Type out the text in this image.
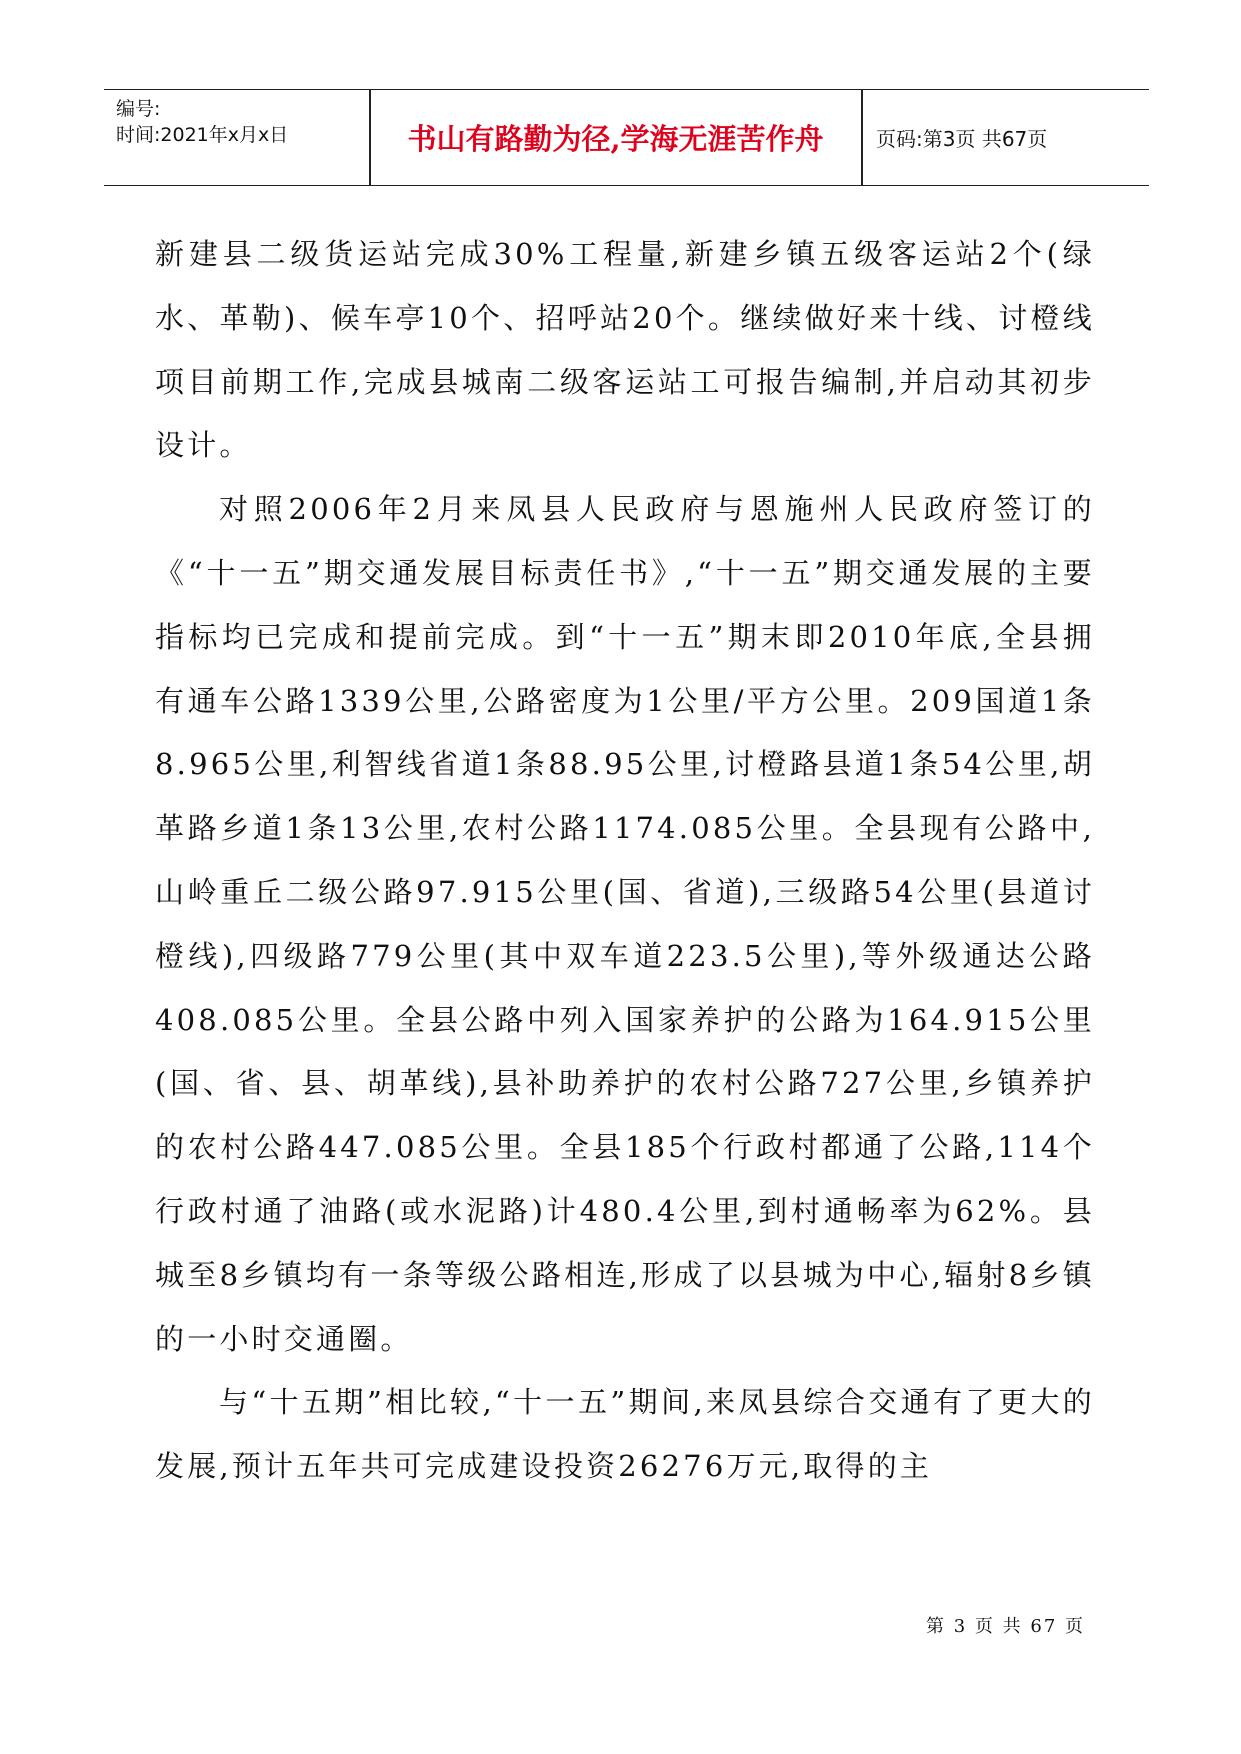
编号:
时间:2021年x月x日	书山有路勤为径,学海无涯苦作舟	页码:第3页 共67页

新建县二级货运站完成30%工程量,新建乡镇五级客运站2个(绿水、革勒)、候车亭10个、招呼站20个。继续做好来十线、讨橙线项目前期工作,完成县城南二级客运站工可报告编制,并启动其初步设计。

对照2006年2月来凤县人民政府与恩施州人民政府签订的《“十一五”期交通发展目标责任书》,“十一五”期交通发展的主要指标均已完成和提前完成。到“十一五”期末即2010年底,全县拥有通车公路1339公里,公路密度为1公里/平方公里。209国道1条8.965公里,利智线省道1条88.95公里,讨橙路县道1条54公里,胡革路乡道1条13公里,农村公路1174.085公里。全县现有公路中,山岭重丘二级公路97.915公里(国、省道),三级路54公里(县道讨橙线),四级路779公里(其中双车道223.5公里),等外级通达公路408.085公里。全县公路中列入国家养护的公路为164.915公里(国、省、县、胡革线),县补助养护的农村公路727公里,乡镇养护的农村公路447.085公里。全县185个行政村都通了公路,114个行政村通了油路(或水泥路)计480.4公里,到村通畅率为62%。县城至8乡镇均有一条等级公路相连,形成了以县城为中心,辐射8乡镇的一小时交通圈。

与“十五期”相比较,“十一五”期间,来凤县综合交通有了更大的发展,预计五年共可完成建设投资26276万元,取得的主

第 3 页 共 67 页
